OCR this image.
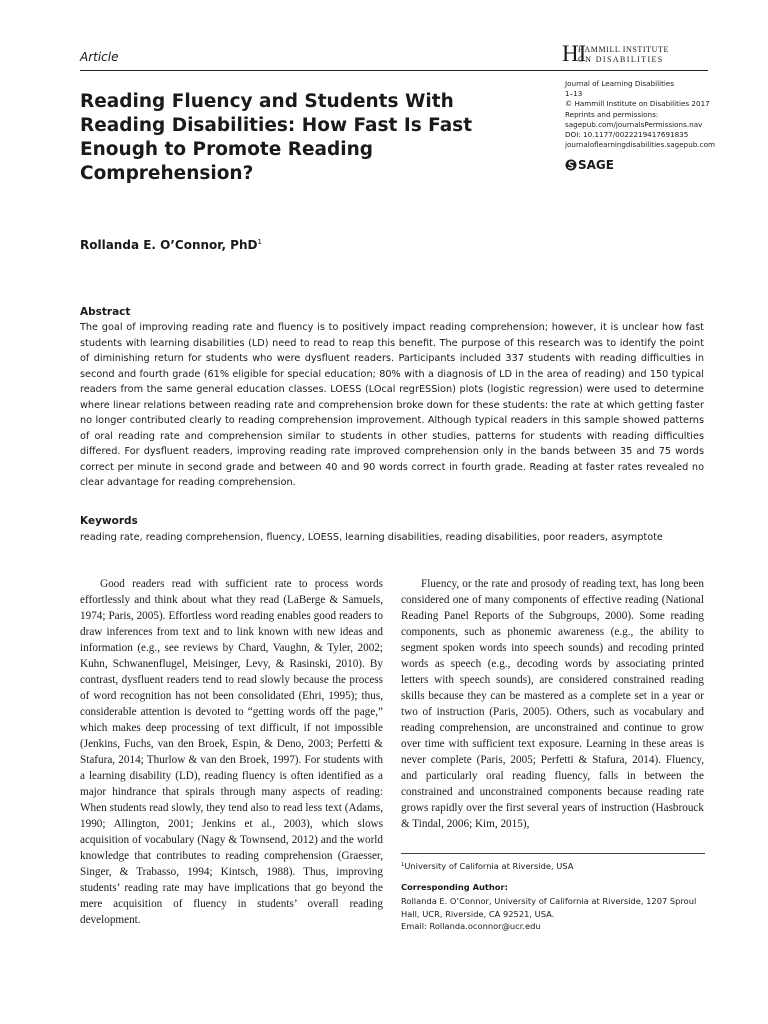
Article	HI
HAMMILL INSTITUTE
ON DISABILITIES
Reading Fluency and Students With Reading Disabilities: How Fast Is Fast Enough to Promote Reading Comprehension?
Journal of Learning Disabilities
1–13
© Hammill Institute on Disabilities 2017
Reprints and permissions:
sagepub.com/journalsPermissions.nav
DOI: 10.1177/0022219417691835
journaloflearningdisabilities.sagepub.com
SAGE
Rollanda E. O’Connor, PhD$^1$
Abstract
The goal of improving reading rate and fluency is to positively impact reading comprehension; however, it is unclear how fast students with learning disabilities (LD) need to read to reap this benefit. The purpose of this research was to identify the point of diminishing return for students who were dysfluent readers. Participants included 337 students with reading difficulties in second and fourth grade (61% eligible for special education; 80% with a diagnosis of LD in the area of reading) and 150 typical readers from the same general education classes. LOESS (LOcal regrESSion) plots (logistic regression) were used to determine where linear relations between reading rate and comprehension broke down for these students: the rate at which getting faster no longer contributed clearly to reading comprehension improvement. Although typical readers in this sample showed patterns of oral reading rate and comprehension similar to students in other studies, patterns for students with reading difficulties differed. For dysfluent readers, improving reading rate improved comprehension only in the bands between 35 and 75 words correct per minute in second grade and between 40 and 90 words correct in fourth grade. Reading at faster rates revealed no clear advantage for reading comprehension.
Keywords
reading rate, reading comprehension, fluency, LOESS, learning disabilities, reading disabilities, poor readers, asymptote
Good readers read with sufficient rate to process words effortlessly and think about what they read (LaBerge & Samuels, 1974; Paris, 2005). Effortless word reading enables good readers to draw inferences from text and to link known with new ideas and information (e.g., see reviews by Chard, Vaughn, & Tyler, 2002; Kuhn, Schwanenflugel, Meisinger, Levy, & Rasinski, 2010). By contrast, dysfluent readers tend to read slowly because the process of word recognition has not been consolidated (Ehri, 1995); thus, considerable attention is devoted to “getting words off the page,” which makes deep processing of text difficult, if not impossible (Jenkins, Fuchs, van den Broek, Espin, & Deno, 2003; Perfetti & Stafura, 2014; Thurlow & van den Broek, 1997). For students with a learning disability (LD), reading fluency is often identified as a major hindrance that spirals through many aspects of reading: When students read slowly, they tend also to read less text (Adams, 1990; Allington, 2001; Jenkins et al., 2003), which slows acquisition of vocabulary (Nagy & Townsend, 2012) and the world knowledge that contributes to reading comprehension (Graesser, Singer, & Trabasso, 1994; Kintsch, 1988). Thus, improving students’ reading rate may have implications that go beyond the mere acquisition of fluency in students’ overall reading development.
Fluency, or the rate and prosody of reading text, has long been considered one of many components of effective reading (National Reading Panel Reports of the Subgroups, 2000). Some reading components, such as phonemic awareness (e.g., the ability to segment spoken words into speech sounds) and recoding printed words as speech (e.g., decoding words by associating printed letters with speech sounds), are considered constrained reading skills because they can be mastered as a complete set in a year or two of instruction (Paris, 2005). Others, such as vocabulary and reading comprehension, are unconstrained and continue to grow over time with sufficient text exposure. Learning in these areas is never complete (Paris, 2005; Perfetti & Stafura, 2014). Fluency, and particularly oral reading fluency, falls in between the constrained and unconstrained components because reading rate grows rapidly over the first several years of instruction (Hasbrouck & Tindal, 2006; Kim, 2015),
¹University of California at Riverside, USA
Corresponding Author:
Rollanda E. O’Connor, University of California at Riverside, 1207 Sproul Hall, UCR, Riverside, CA 92521, USA.
Email: Rollanda.oconnor@ucr.edu
